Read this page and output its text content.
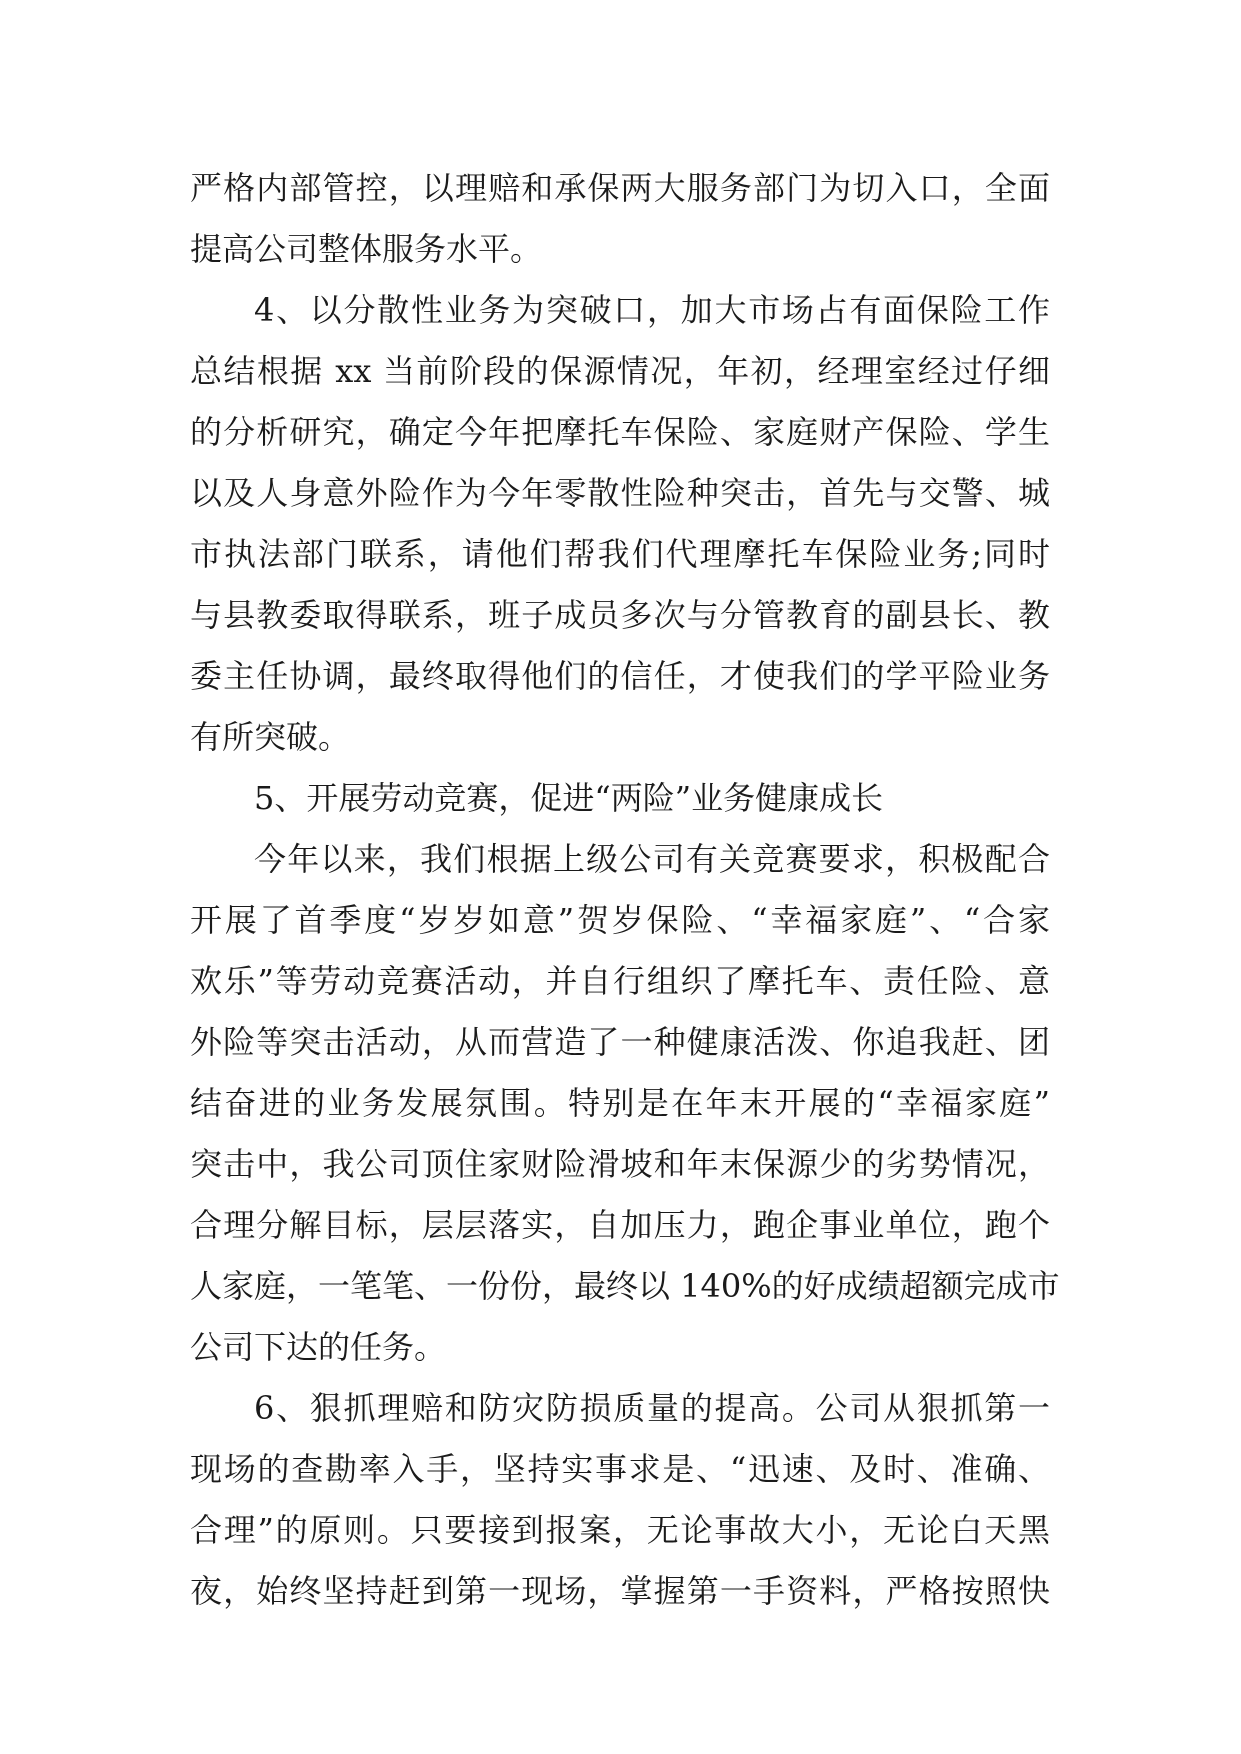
严格内部管控，以理赔和承保两大服务部门为切入口，全面
提高公司整体服务水平。
4、以分散性业务为突破口，加大市场占有面保险工作
总结根据 xx 当前阶段的保源情况，年初，经理室经过仔细
的分析研究，确定今年把摩托车保险、家庭财产保险、学生
以及人身意外险作为今年零散性险种突击，首先与交警、城
市执法部门联系，请他们帮我们代理摩托车保险业务;同时
与县教委取得联系，班子成员多次与分管教育的副县长、教
委主任协调，最终取得他们的信任，才使我们的学平险业务
有所突破。
5、开展劳动竞赛，促进“两险”业务健康成长
今年以来，我们根据上级公司有关竞赛要求，积极配合
开展了首季度“岁岁如意”贺岁保险、“幸福家庭”、“合家
欢乐”等劳动竞赛活动，并自行组织了摩托车、责任险、意
外险等突击活动，从而营造了一种健康活泼、你追我赶、团
结奋进的业务发展氛围。特别是在年末开展的“幸福家庭”
突击中，我公司顶住家财险滑坡和年末保源少的劣势情况，
合理分解目标，层层落实，自加压力，跑企事业单位，跑个
人家庭，一笔笔、一份份，最终以 140%的好成绩超额完成市
公司下达的任务。
6、狠抓理赔和防灾防损质量的提高。公司从狠抓第一
现场的查勘率入手，坚持实事求是、“迅速、及时、准确、
合理”的原则。只要接到报案，无论事故大小，无论白天黑
夜，始终坚持赶到第一现场，掌握第一手资料，严格按照快
